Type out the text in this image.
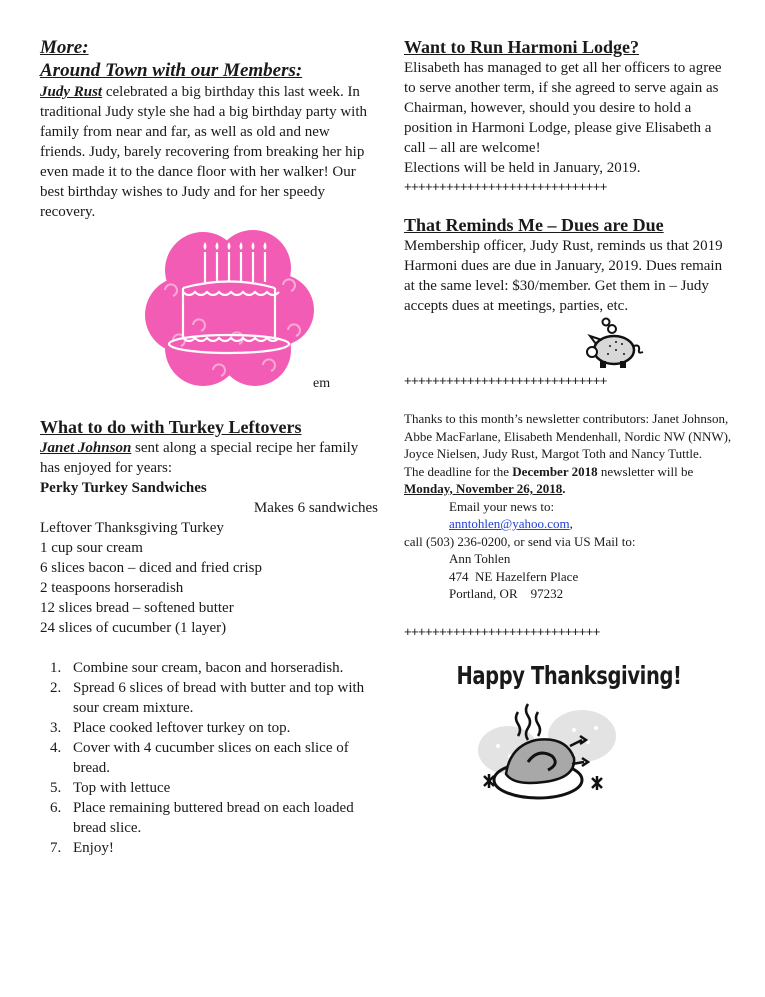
More:
Around Town with our Members:

Judy Rust celebrated a big birthday this last week. In traditional Judy style she had a big birthday party with family from near and far, as well as old and new friends. Judy, barely recovering from breaking her hip even made it to the dance floor with her walker! Our best birthday wishes to Judy and for her speedy recovery.

em
What to do with Turkey Leftovers

Janet Johnson sent along a special recipe her family has enjoyed for years:

Perky Turkey Sandwiches

Makes 6 sandwiches

Leftover Thanksgiving Turkey

1 cup sour cream

6 slices bacon – diced and fried crisp

2 teaspoons horseradish

12 slices bread – softened butter

24 slices of cucumber (1 layer)

1. Combine sour cream, bacon and horseradish.
2. Spread 6 slices of bread with butter and top with sour cream mixture.
3. Place cooked leftover turkey on top.
4. Cover with 4 cucumber slices on each slice of bread.
5. Top with lettuce
6. Place remaining buttered bread on each loaded bread slice.
7. Enjoy!
Want to Run Harmoni Lodge?

Elisabeth has managed to get all her officers to agree to serve another term, if she agreed to serve again as Chairman, however, should you desire to hold a position in Harmoni Lodge, please give Elisabeth a call – all are welcome!

Elections will be held in January, 2019.

+++++++++++++++++++++++++++++
That Reminds Me – Dues are Due

Membership officer, Judy Rust, reminds us that 2019 Harmoni dues are due in January, 2019. Dues remain at the same level: $30/member. Get them in – Judy accepts dues at meetings, parties, etc.

+++++++++++++++++++++++++++++

Thanks to this month’s newsletter contributors: Janet Johnson, Abbe MacFarlane, Elisabeth Mendenhall, Nordic NW (NNW), Joyce Nielsen, Judy Rust, Margot Toth and Nancy Tuttle.

The deadline for the December 2018 newsletter will be Monday, November 26, 2018.

Email your news to:

anntohlen@yahoo.com,

call (503) 236-0200, or send via US Mail to:

Ann Tohlen

474  NE Hazelfern Place

Portland, OR    97232

++++++++++++++++++++++++++++
Happy Thanksgiving!
